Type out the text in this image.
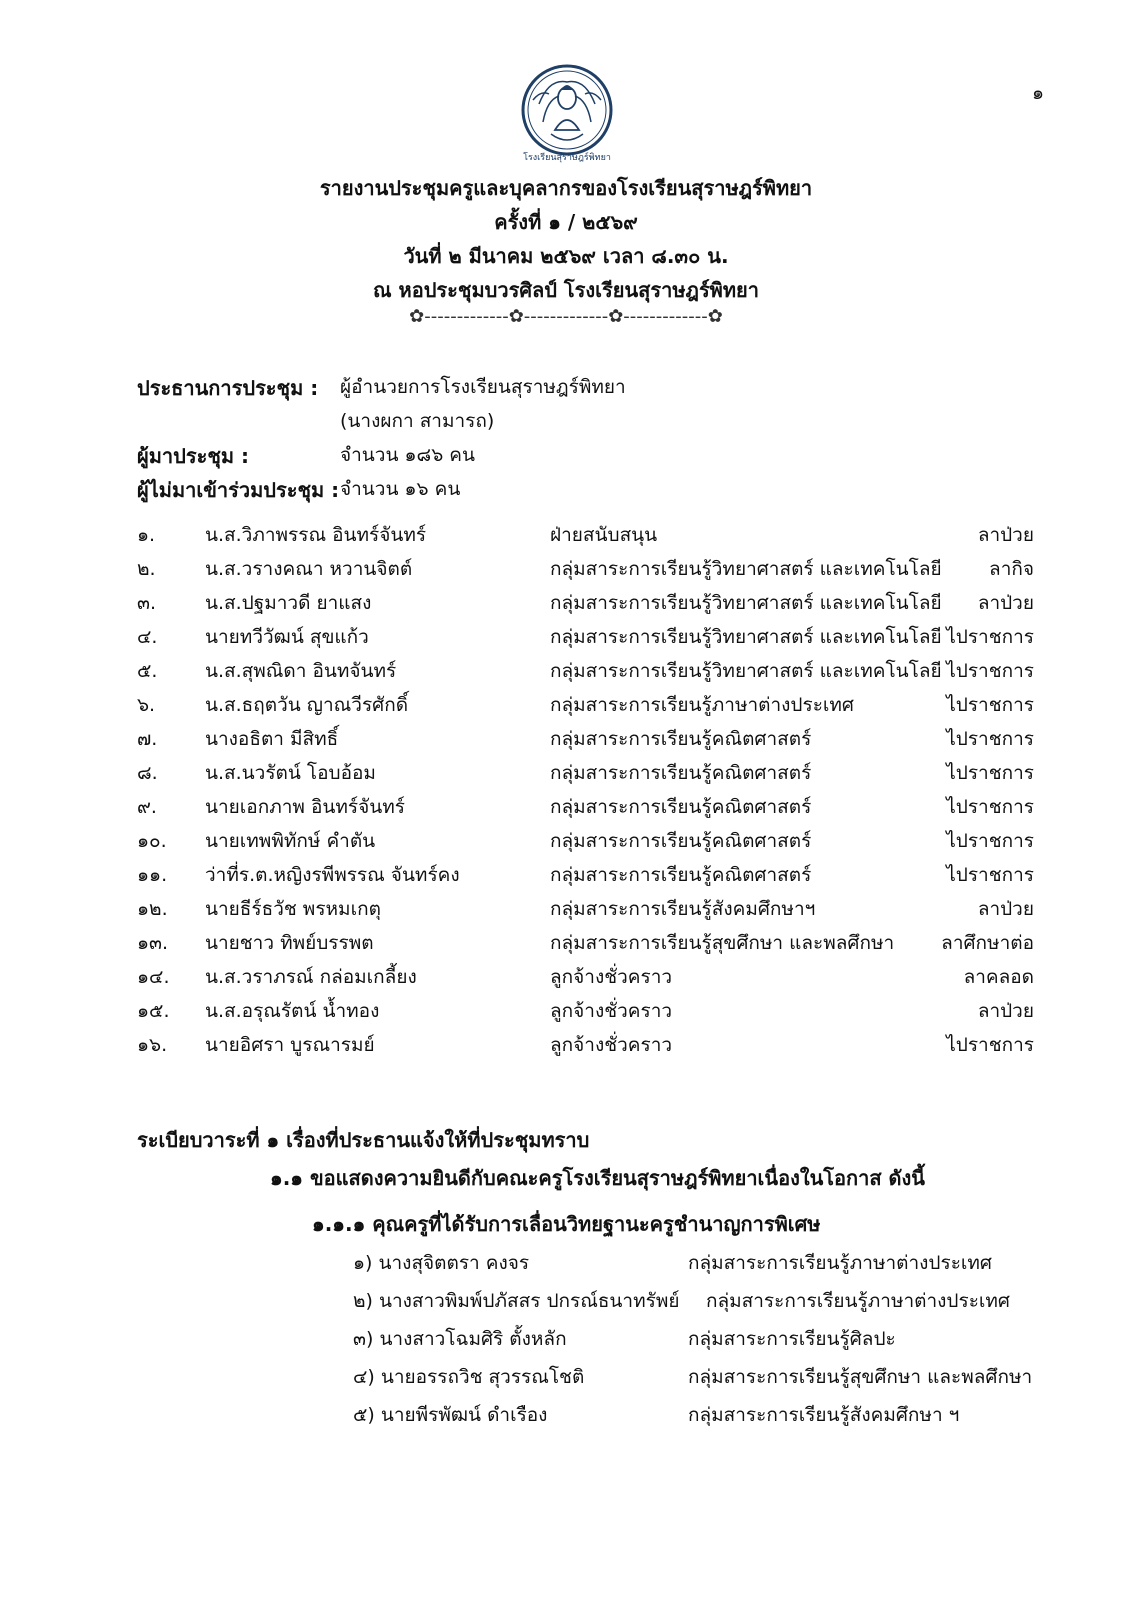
โรงเรียนสุราษฎร์พิทยา
๑
รายงานประชุมครูและบุคลากรของโรงเรียนสุราษฎร์พิทยา
ครั้งที่ ๑ / ๒๕๖๙
วันที่ ๒ มีนาคม ๒๕๖๙ เวลา ๘.๓๐ น.
ณ หอประชุมบวรศิลป์ โรงเรียนสุราษฎร์พิทยา
✿-------------✿-------------✿-------------✿
ประธานการประชุม : ผู้อำนวยการโรงเรียนสุราษฎร์พิทยา
(นางผกา สามารถ)
ผู้มาประชุม :	จำนวน ๑๘๖ คน
ผู้ไม่มาเข้าร่วมประชุม : จำนวน ๑๖ คน
๑.	น.ส.วิภาพรรณ อินทร์จันทร์	ฝ่ายสนับสนุน	ลาป่วย
๒.	น.ส.วรางคณา หวานจิตต์	กลุ่มสาระการเรียนรู้วิทยาศาสตร์ และเทคโนโลยี ลากิจ
๓.	น.ส.ปฐมาวดี ยาแสง	กลุ่มสาระการเรียนรู้วิทยาศาสตร์ และเทคโนโลยี ลาป่วย
๔.	นายทวีวัฒน์ สุขแก้ว	กลุ่มสาระการเรียนรู้วิทยาศาสตร์ และเทคโนโลยี ไปราชการ
๕.	น.ส.สุพณิดา อินทจันทร์	กลุ่มสาระการเรียนรู้วิทยาศาสตร์ และเทคโนโลยี ไปราชการ
๖.	น.ส.ธฤตวัน ญาณวีรศักดิ์	กลุ่มสาระการเรียนรู้ภาษาต่างประเทศ	ไปราชการ
๗.	นางอธิตา มีสิทธิ์	กลุ่มสาระการเรียนรู้คณิตศาสตร์	ไปราชการ
๘. น.ส.นวรัตน์ โอบอ้อม	กลุ่มสาระการเรียนรู้คณิตศาสตร์	ไปราชการ
๙.	นายเอกภาพ อินทร์จันทร์	กลุ่มสาระการเรียนรู้คณิตศาสตร์	ไปราชการ
๑๐. นายเทพพิทักษ์ คำตัน	กลุ่มสาระการเรียนรู้คณิตศาสตร์	ไปราชการ
๑๑. ว่าที่ร.ต.หญิงรพีพรรณ จันทร์คง	กลุ่มสาระการเรียนรู้คณิตศาสตร์	ไปราชการ
๑๒. นายธีร์ธวัช พรหมเกตุ	กลุ่มสาระการเรียนรู้สังคมศึกษาฯ	ลาป่วย
๑๓. นายชาว ทิพย์บรรพต	กลุ่มสาระการเรียนรู้สุขศึกษา และพลศึกษา ลาศึกษาต่อ
๑๔. น.ส.วราภรณ์ กล่อมเกลี้ยง	ลูกจ้างชั่วคราว	ลาคลอด
๑๕. น.ส.อรุณรัตน์ น้ำทอง	ลูกจ้างชั่วคราว	ลาป่วย
๑๖. นายอิศรา บูรณารมย์	ลูกจ้างชั่วคราว	ไปราชการ
ระเบียบวาระที่ ๑ เรื่องที่ประธานแจ้งให้ที่ประชุมทราบ
๑.๑ ขอแสดงความยินดีกับคณะครูโรงเรียนสุราษฎร์พิทยาเนื่องในโอกาส ดังนี้
๑.๑.๑ คุณครูที่ได้รับการเลื่อนวิทยฐานะครูชำนาญการพิเศษ
๑) นางสุจิตตรา คงจร	กลุ่มสาระการเรียนรู้ภาษาต่างประเทศ
๒) นางสาวพิมพ์ปภัสสร ปกรณ์ธนาทรัพย์ กลุ่มสาระการเรียนรู้ภาษาต่างประเทศ
๓) นางสาวโฉมศิริ ตั้งหลัก	กลุ่มสาระการเรียนรู้ศิลปะ
๔) นายอรรถวิช สุวรรณโชติ	กลุ่มสาระการเรียนรู้สุขศึกษา และพลศึกษา
๕) นายพีรพัฒน์ ดำเรือง	กลุ่มสาระการเรียนรู้สังคมศึกษา ฯ
